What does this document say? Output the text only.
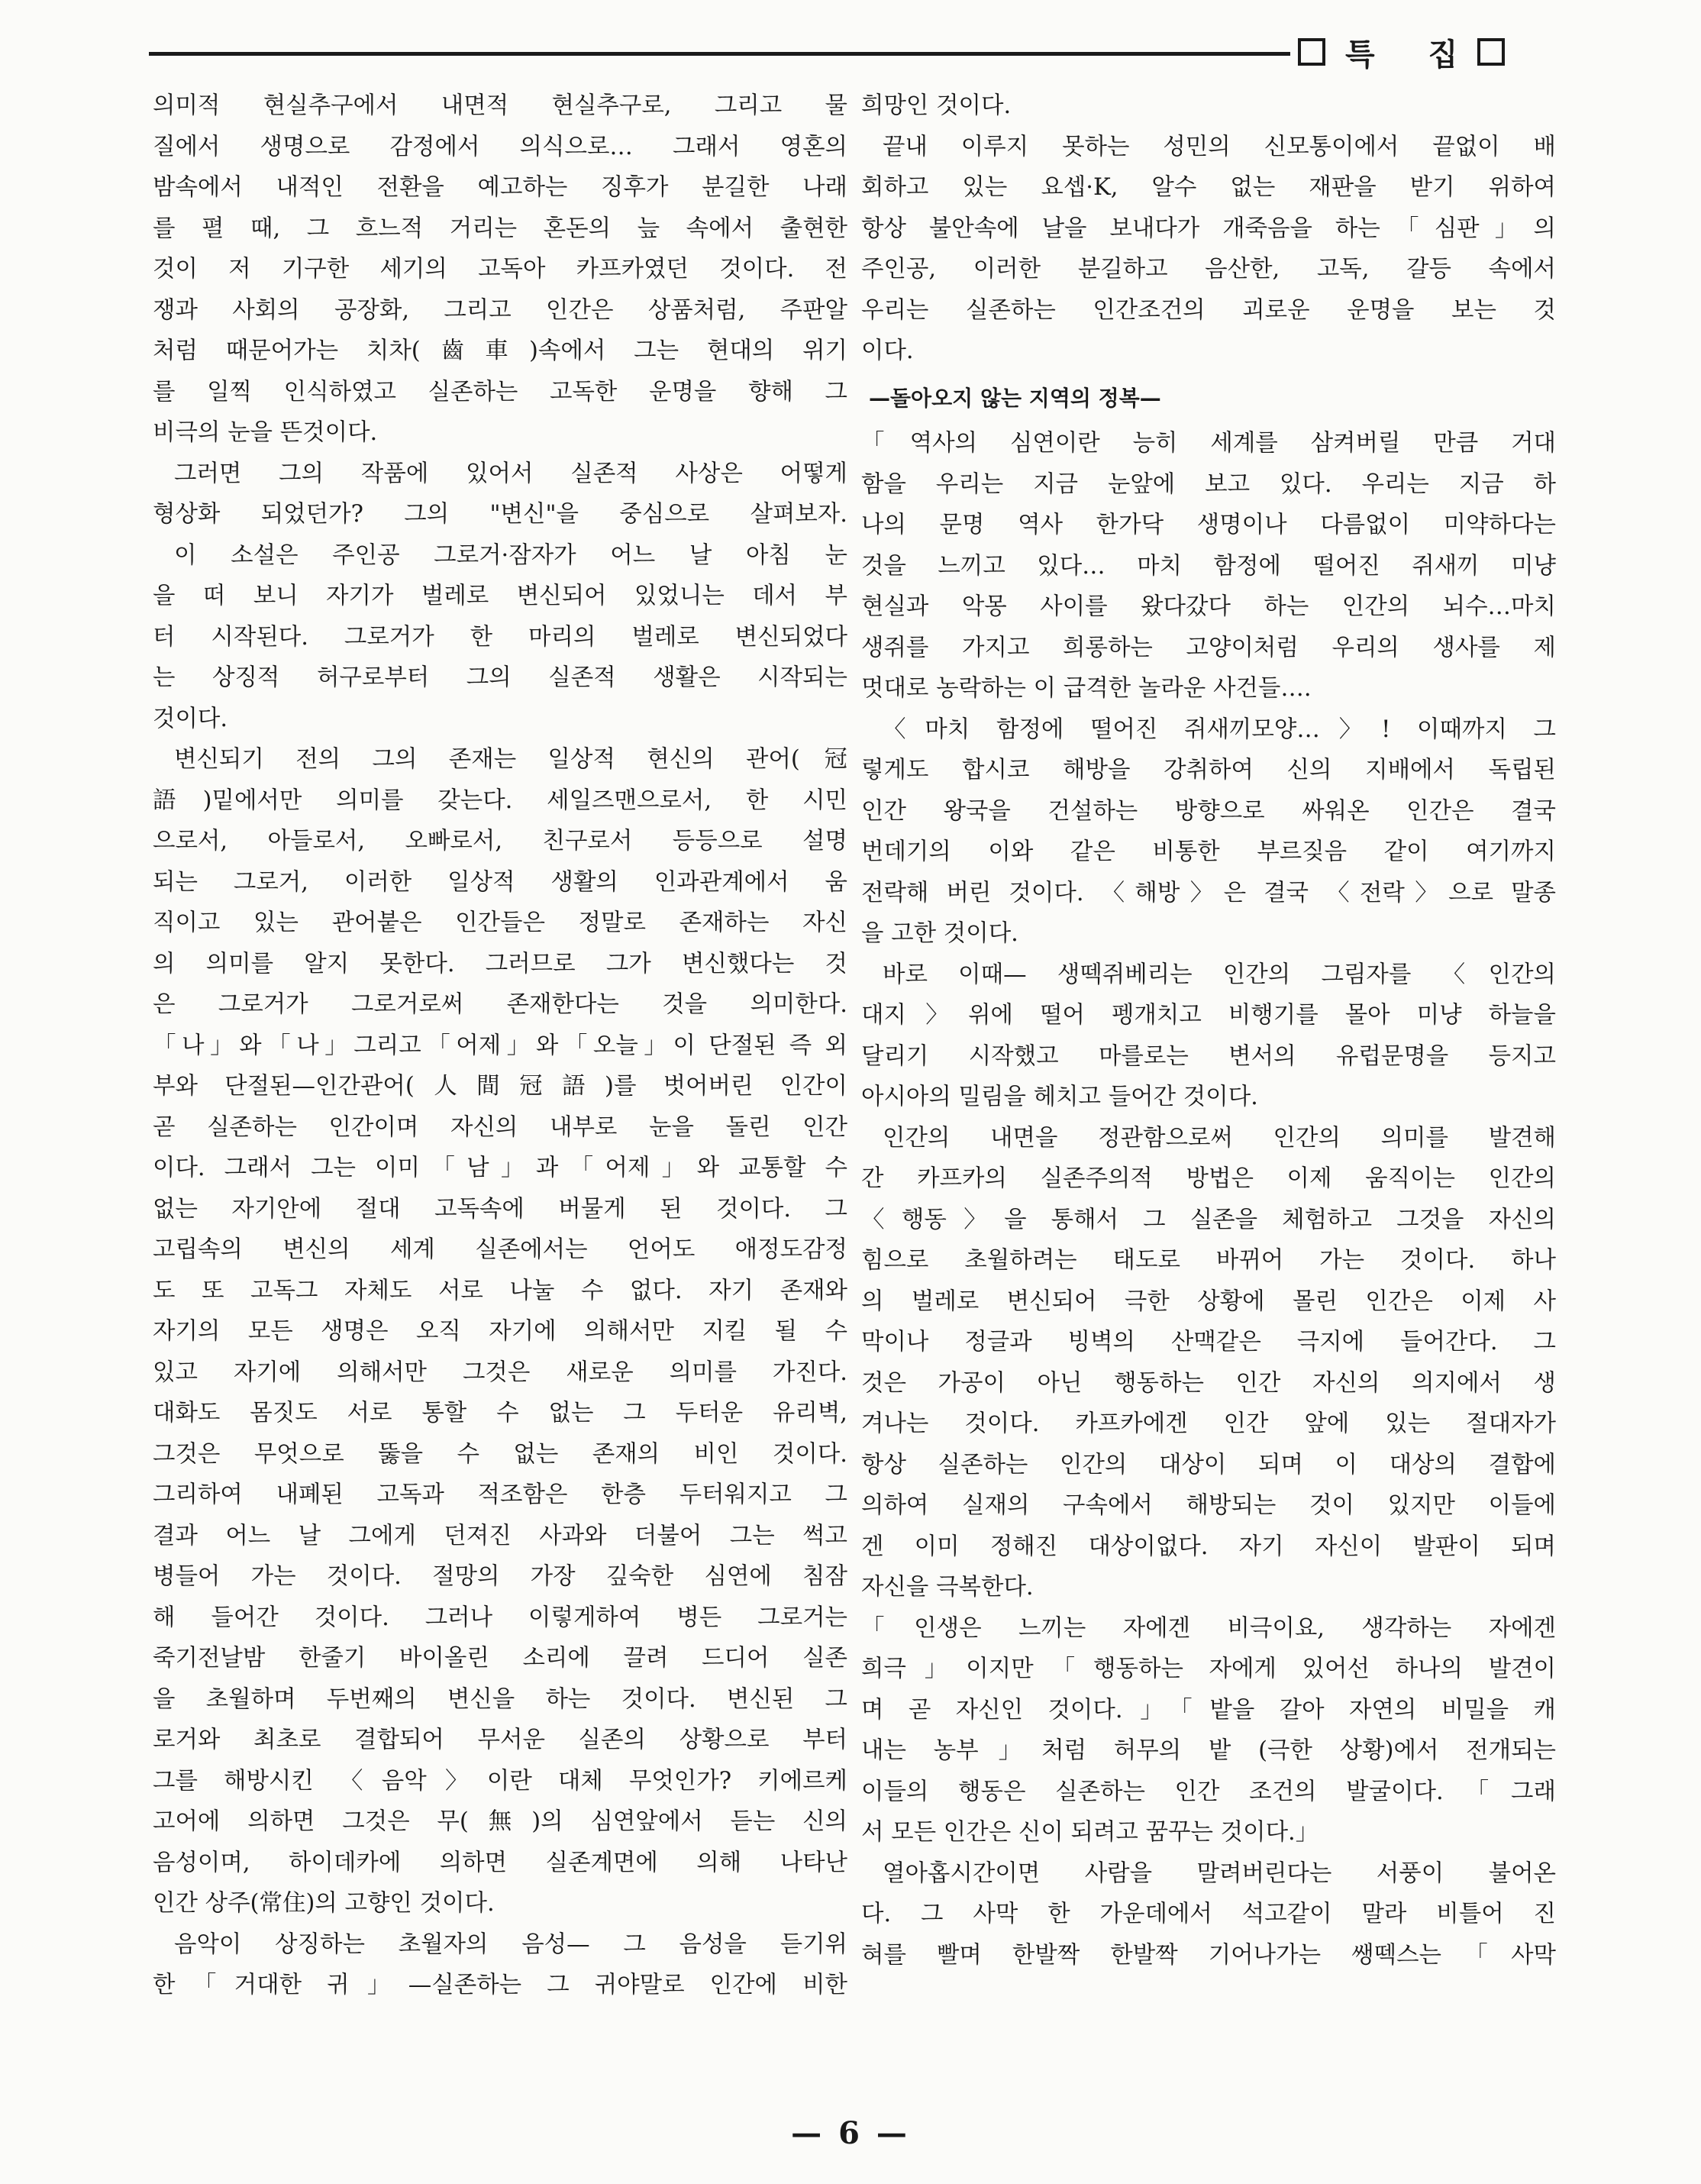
특 집
의미적 현실추구에서 내면적 현실추구로, 그리고 물
질에서 생명으로 감정에서 의식으로… 그래서 영혼의
밤속에서 내적인 전환을 예고하는 징후가 분길한 나래
를 펼 때, 그 흐느적 거리는 혼돈의 늪 속에서 출현한
것이 저 기구한 세기의 고독아 카프카였던 것이다. 전
쟁과 사회의 공장화, 그리고 인간은 상품처럼, 주판알
처럼 때문어가는 치차(齒車)속에서 그는 현대의 위기
를 일찍 인식하였고 실존하는 고독한 운명을 향해 그
비극의 눈을 뜬것이다.
그러면 그의 작품에 있어서 실존적 사상은 어떻게
형상화 되었던가? 그의 "변신"을 중심으로 살펴보자.
이 소설은 주인공 그로거·잠자가 어느 날 아침 눈
을 떠 보니 자기가 벌레로 변신되어 있었니는 데서 부
터 시작된다. 그로거가 한 마리의 벌레로 변신되었다
는 상징적 허구로부터 그의 실존적 생활은 시작되는
것이다.
변신되기 전의 그의 존재는 일상적 현신의 관어(冠
語)밑에서만 의미를 갖는다. 세일즈맨으로서, 한 시민
으로서, 아들로서, 오빠로서, 친구로서 등등으로 설명
되는 그로거, 이러한 일상적 생활의 인과관계에서 움
직이고 있는 관어붙은 인간들은 정말로 존재하는 자신
의 의미를 알지 못한다. 그러므로 그가 변신했다는 것
은 그로거가 그로거로써 존재한다는 것을 의미한다.
「나」와「나」그리고「어제」와「오늘」이 단절된 즉 외
부와 단절된—인간관어(人間冠語)를 벗어버린 인간이
곧 실존하는 인간이며 자신의 내부로 눈을 돌린 인간
이다. 그래서 그는 이미「남」과「어제」와 교통할 수
없는 자기안에 절대 고독속에 버물게 된 것이다. 그
고립속의 변신의 세계 실존에서는 언어도 애정도감정
도 또 고독그 자체도 서로 나눌 수 없다. 자기 존재와
자기의 모든 생명은 오직 자기에 의해서만 지킬 될 수
있고 자기에 의해서만 그것은 새로운 의미를 가진다.
대화도 몸짓도 서로 통할 수 없는 그 두터운 유리벽,
그것은 무엇으로 뚫을 수 없는 존재의 비인 것이다.
그리하여 내폐된 고독과 적조함은 한층 두터워지고 그
결과 어느 날 그에게 던져진 사과와 더불어 그는 썩고
병들어 가는 것이다. 절망의 가장 깊숙한 심연에 침잠
해 들어간 것이다. 그러나 이렇게하여 병든 그로거는
죽기전날밤 한줄기 바이올린 소리에 끌려 드디어 실존
을 초월하며 두번째의 변신을 하는 것이다. 변신된 그
로거와 최초로 결합되어 무서운 실존의 상황으로 부터
그를 해방시킨 〈음악〉이란 대체 무엇인가? 키에르케
고어에 의하면 그것은 무(無)의 심연앞에서 듣는 신의
음성이며, 하이데카에 의하면 실존계면에 의해 나타난
인간 상주(常住)의 고향인 것이다.
음악이 상징하는 초월자의 음성— 그 음성을 듣기위
한「거대한 귀」—실존하는 그 귀야말로 인간에 비한
희망인 것이다.
끝내 이루지 못하는 성민의 신모통이에서 끝없이 배
회하고 있는 요셉·K, 알수 없는 재판을 받기 위하여
항상 불안속에 날을 보내다가 개죽음을 하는「심판」의
주인공, 이러한 분길하고 음산한, 고독, 갈등 속에서
우리는 실존하는 인간조건의 괴로운 운명을 보는 것
이다.
—돌아오지 않는 지역의 정복—
「역사의 심연이란 능히 세계를 삼켜버릴 만큼 거대
함을 우리는 지금 눈앞에 보고 있다. 우리는 지금 하
나의 문명 역사 한가닥 생명이나 다름없이 미약하다는
것을 느끼고 있다… 마치 함정에 떨어진 쥐새끼 미냥
현실과 악몽 사이를 왔다갔다 하는 인간의 뇌수…마치
생쥐를 가지고 희롱하는 고양이처럼 우리의 생사를 제
멋대로 농락하는 이 급격한 놀라운 사건들….
〈마치 함정에 떨어진 쥐새끼모양…〉! 이때까지 그
렇게도 합시코 해방을 강취하여 신의 지배에서 독립된
인간 왕국을 건설하는 방향으로 싸워온 인간은 결국
번데기의 이와 같은 비통한 부르짖음 같이 여기까지
전락해 버린 것이다. 〈해방〉은 결국 〈전락〉으로 말종
을 고한 것이다.
바로 이때— 생떽쥐베리는 인간의 그림자를 〈인간의
대지〉위에 떨어 펭개치고 비행기를 몰아 미냥 하늘을
달리기 시작했고 마를로는 변서의 유럽문명을 등지고
아시아의 밀림을 헤치고 들어간 것이다.
인간의 내면을 정관함으로써 인간의 의미를 발견해
간 카프카의 실존주의적 방법은 이제 움직이는 인간의
〈행동〉을 통해서 그 실존을 체험하고 그것을 자신의
힘으로 초월하려는 태도로 바뀌어 가는 것이다. 하나
의 벌레로 변신되어 극한 상황에 몰린 인간은 이제 사
막이나 정글과 빙벽의 산맥같은 극지에 들어간다. 그
것은 가공이 아닌 행동하는 인간 자신의 의지에서 생
겨나는 것이다. 카프카에겐 인간 앞에 있는 절대자가
항상 실존하는 인간의 대상이 되며 이 대상의 결합에
의하여 실재의 구속에서 해방되는 것이 있지만 이들에
겐 이미 정해진 대상이없다. 자기 자신이 발판이 되며
자신을 극복한다.
「인생은 느끼는 자에겐 비극이요, 생각하는 자에겐
희극」이지만「행동하는 자에게 있어선 하나의 발견이
며 곧 자신인 것이다.」「밭을 갈아 자연의 비밀을 캐
내는 농부」처럼 허무의 밭 (극한 상황)에서 전개되는
이들의 행동은 실존하는 인간 조건의 발굴이다.「그래
서 모든 인간은 신이 되려고 꿈꾸는 것이다.」
열아홉시간이면 사람을 말려버린다는 서풍이 불어온
다. 그 사막 한 가운데에서 석고같이 말라 비틀어 진
혀를 빨며 한발짝 한발짝 기어나가는 쌩떽스는「사막
— 6 —
